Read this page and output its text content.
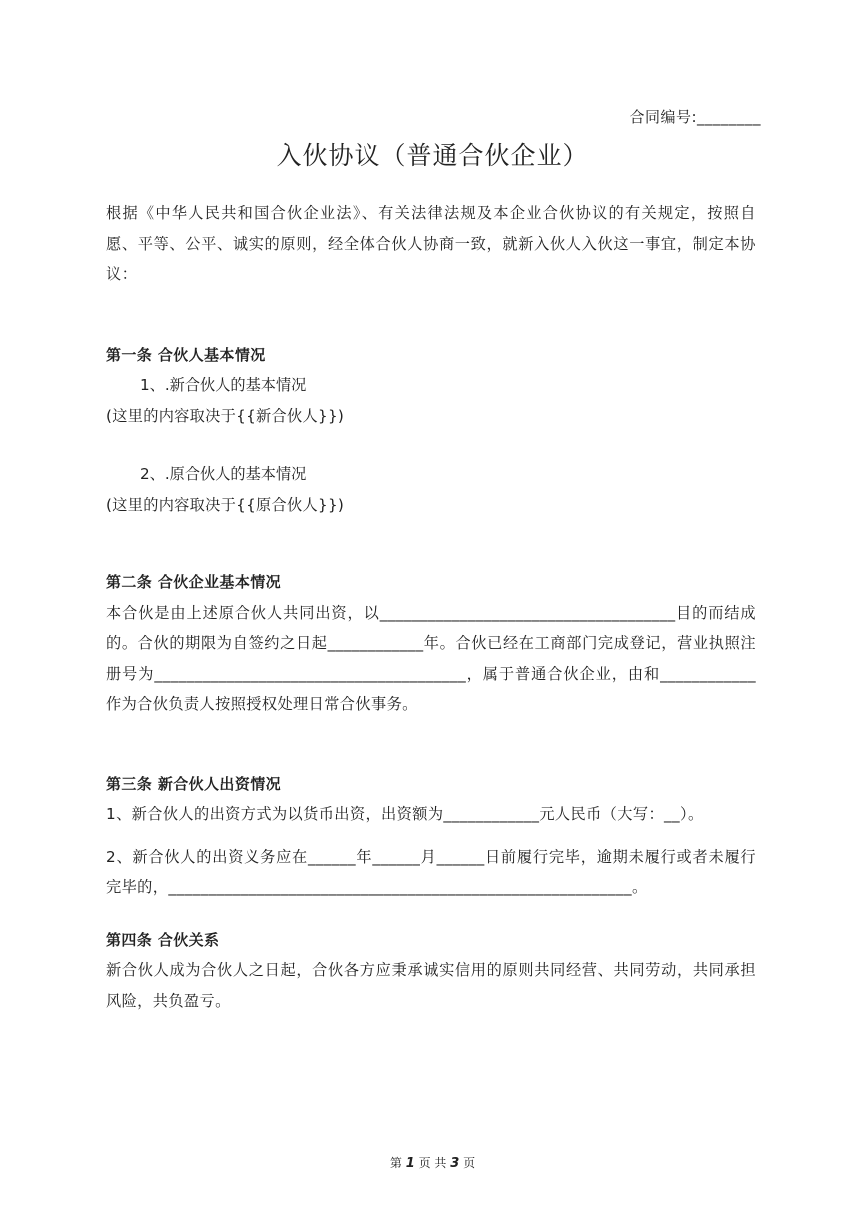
合同编号:________
入伙协议（普通合伙企业）

根据《中华人民共和国合伙企业法》、有关法律法规及本企业合伙协议的有关规定，按照自愿、平等、公平、诚实的原则，经全体合伙人协商一致，就新入伙人入伙这一事宜，制定本协议：

第一条 合伙人基本情况

1、.新合伙人的基本情况

(这里的内容取决于{{新合伙人}})

2、.原合伙人的基本情况

(这里的内容取决于{{原合伙人}})

第二条 合伙企业基本情况

本合伙是由上述原合伙人共同出资，以_____________________________________目的而结成的。合伙的期限为自签约之日起____________年。合伙已经在工商部门完成登记，营业执照注册号为_______________________________________，属于普通合伙企业，由和____________作为合伙负责人按照授权处理日常合伙事务。

第三条 新合伙人出资情况

1、新合伙人的出资方式为以货币出资，出资额为____________元人民币（大写：__）。

2、新合伙人的出资义务应在______年______月______日前履行完毕，逾期未履行或者未履行完毕的，__________________________________________________________。

第四条 合伙关系

新合伙人成为合伙人之日起，合伙各方应秉承诚实信用的原则共同经营、共同劳动，共同承担风险，共负盈亏。

第 1 页 共 3 页
